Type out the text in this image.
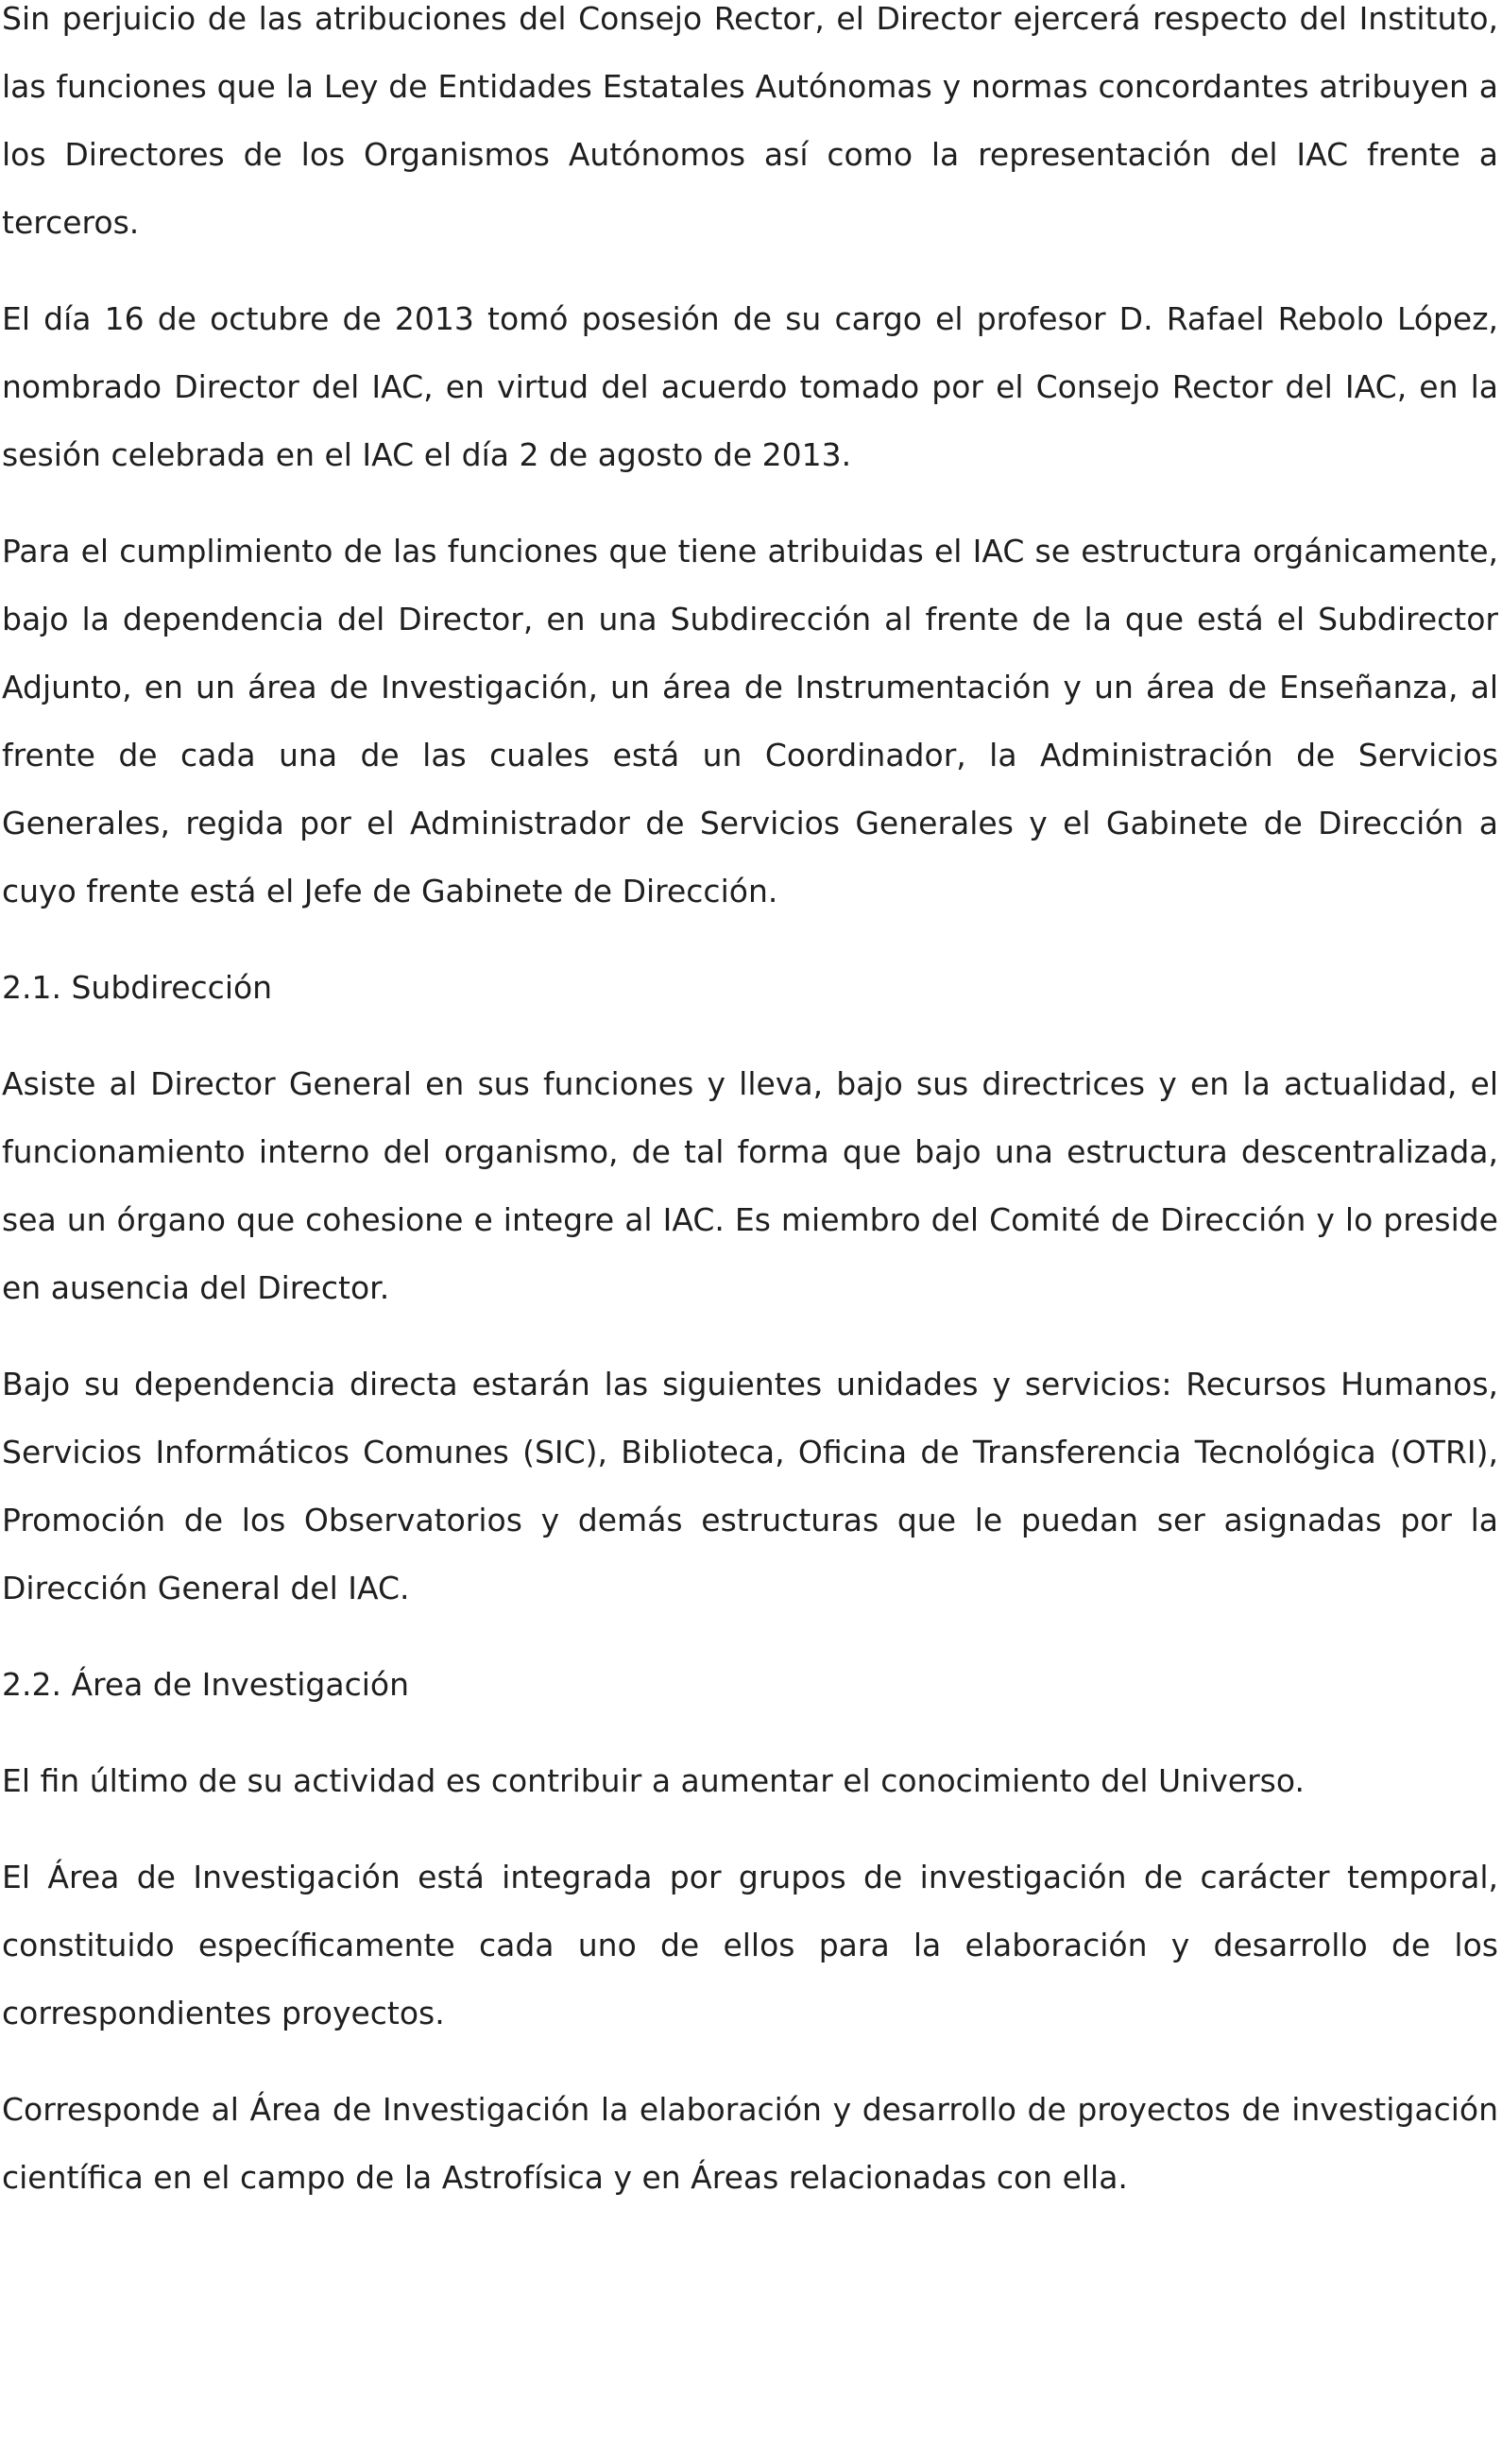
Sin perjuicio de las atribuciones del Consejo Rector, el Director ejercerá respecto del Instituto, las funciones que la Ley de Entidades Estatales Autónomas y normas concordantes atribuyen a los Directores de los Organismos Autónomos así como la representación del IAC frente a terceros.

El día 16 de octubre de 2013 tomó posesión de su cargo el profesor D. Rafael Rebolo López, nombrado Director del IAC, en virtud del acuerdo tomado por el Consejo Rector del IAC, en la sesión celebrada en el IAC el día 2 de agosto de 2013.

Para el cumplimiento de las funciones que tiene atribuidas el IAC se estructura orgánicamente, bajo la dependencia del Director, en una Subdirección al frente de la que está el Subdirector Adjunto, en un área de Investigación, un área de Instrumentación y un área de Enseñanza, al frente de cada una de las cuales está un Coordinador, la Administración de Servicios Generales, regida por el Administrador de Servicios Generales y el Gabinete de Dirección a cuyo frente está el Jefe de Gabinete de Dirección.

2.1. Subdirección

Asiste al Director General en sus funciones y lleva, bajo sus directrices y en la actualidad, el funcionamiento interno del organismo, de tal forma que bajo una estructura descentralizada, sea un órgano que cohesione e integre al IAC. Es miembro del Comité de Dirección y lo preside en ausencia del Director.

Bajo su dependencia directa estarán las siguientes unidades y servicios: Recursos Humanos, Servicios Informáticos Comunes (SIC), Biblioteca, Oficina de Transferencia Tecnológica (OTRI), Promoción de los Observatorios y demás estructuras que le puedan ser asignadas por la Dirección General del IAC.

2.2. Área de Investigación

El fin último de su actividad es contribuir a aumentar el conocimiento del Universo.

El Área de Investigación está integrada por grupos de investigación de carácter temporal, constituido específicamente cada uno de ellos para la elaboración y desarrollo de los correspondientes proyectos.

Corresponde al Área de Investigación la elaboración y desarrollo de proyectos de investigación científica en el campo de la Astrofísica y en Áreas relacionadas con ella.
